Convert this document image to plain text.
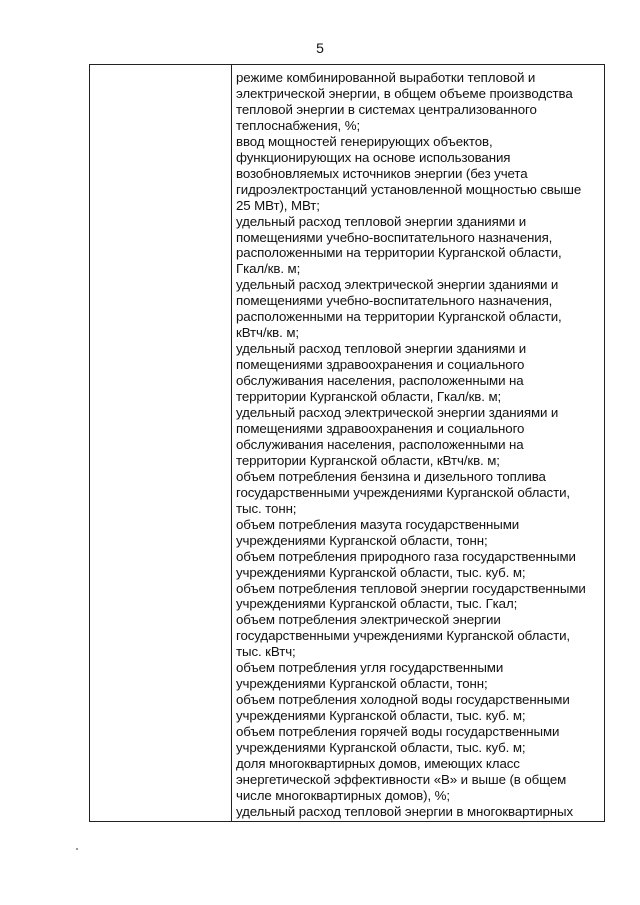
5
режиме комбинированной выработки тепловой и
электрической энергии, в общем объеме производства
тепловой энергии в системах централизованного
теплоснабжения, %;
ввод мощностей генерирующих объектов,
функционирующих на основе использования
возобновляемых источников энергии (без учета
гидроэлектростанций установленной мощностью свыше
25 МВт), МВт;
удельный расход тепловой энергии зданиями и
помещениями учебно-воспитательного назначения,
расположенными на территории Курганской области,
Гкал/кв. м;
удельный расход электрической энергии зданиями и
помещениями учебно-воспитательного назначения,
расположенными на территории Курганской области,
кВтч/кв. м;
удельный расход тепловой энергии зданиями и
помещениями здравоохранения и социального
обслуживания населения, расположенными на
территории Курганской области, Гкал/кв. м;
удельный расход электрической энергии зданиями и
помещениями здравоохранения и социального
обслуживания населения, расположенными на
территории Курганской области, кВтч/кв. м;
объем потребления бензина и дизельного топлива
государственными учреждениями Курганской области,
тыс. тонн;
объем потребления мазута государственными
учреждениями Курганской области, тонн;
объем потребления природного газа государственными
учреждениями Курганской области, тыс. куб. м;
объем потребления тепловой энергии государственными
учреждениями Курганской области, тыс. Гкал;
объем потребления электрической энергии
государственными учреждениями Курганской области,
тыс. кВтч;
объем потребления угля государственными
учреждениями Курганской области, тонн;
объем потребления холодной воды государственными
учреждениями Курганской области, тыс. куб. м;
объем потребления горячей воды государственными
учреждениями Курганской области, тыс. куб. м;
доля многоквартирных домов, имеющих класс
энергетической эффективности «В» и выше (в общем
числе многоквартирных домов), %;
удельный расход тепловой энергии в многоквартирных
